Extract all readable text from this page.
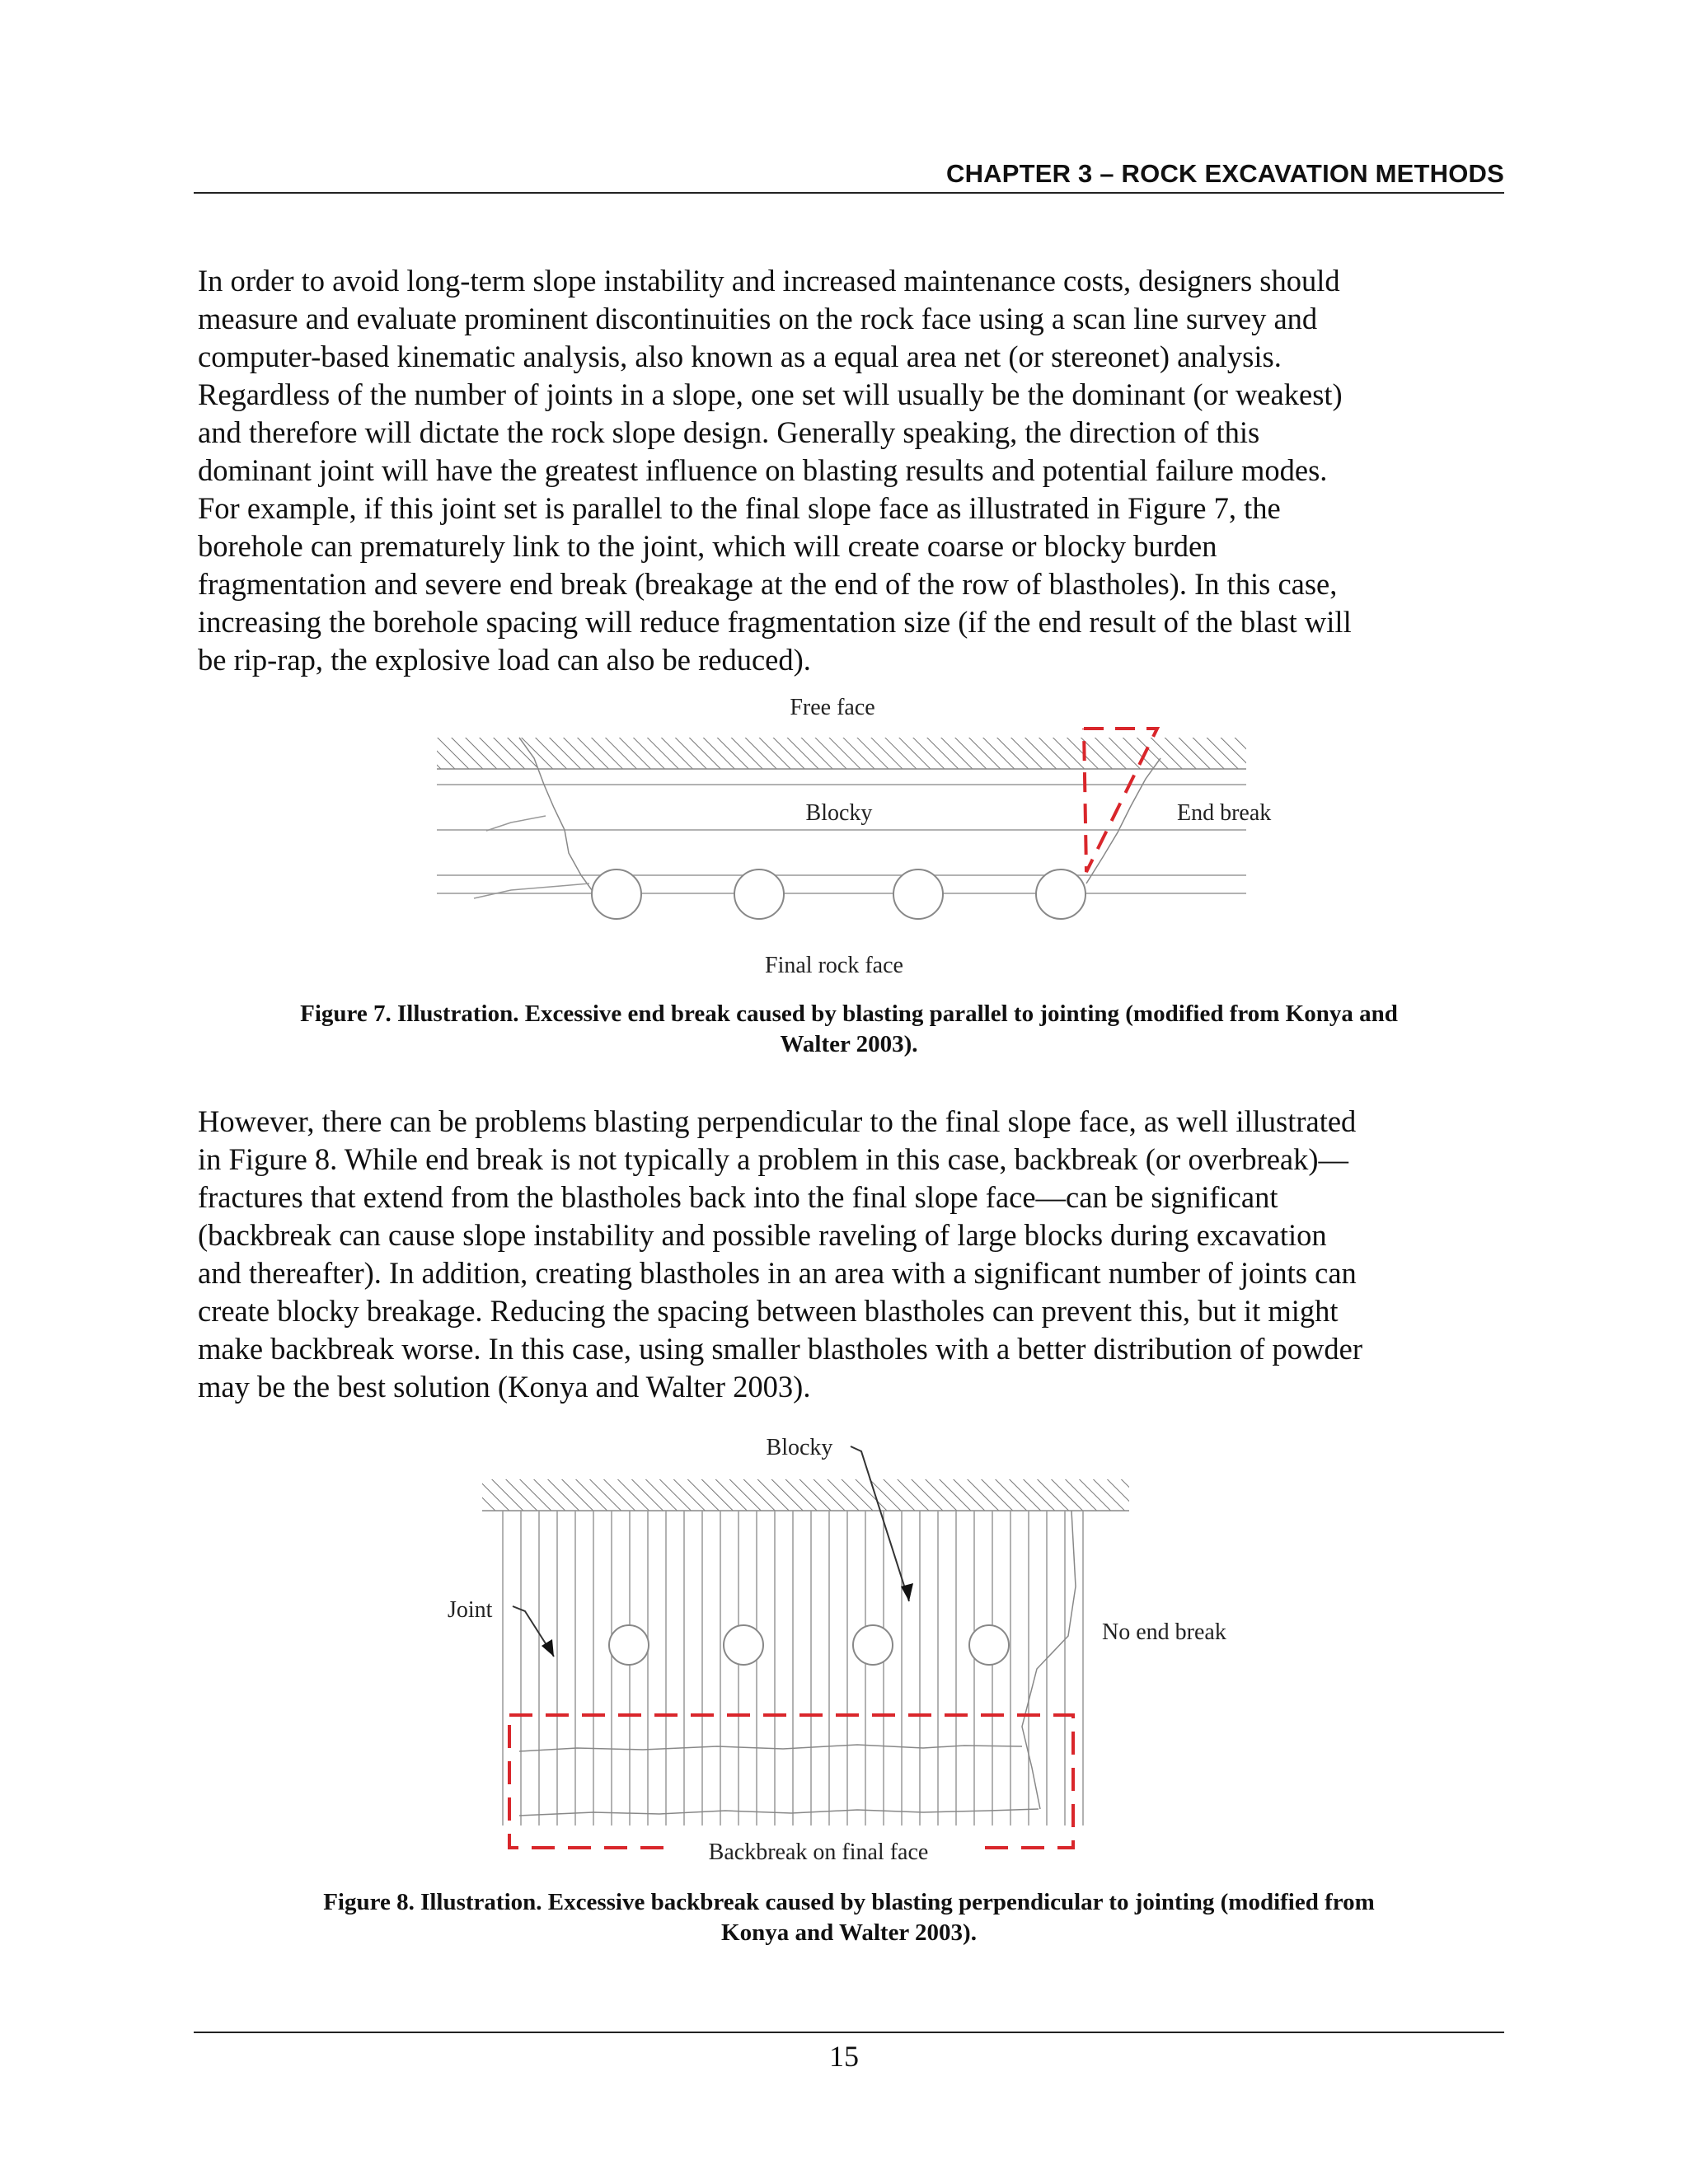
CHAPTER 3 – ROCK EXCAVATION METHODS
In order to avoid long-term slope instability and increased maintenance costs, designers should
measure and evaluate prominent discontinuities on the rock face using a scan line survey and
computer-based kinematic analysis, also known as a equal area net (or stereonet) analysis.
Regardless of the number of joints in a slope, one set will usually be the dominant (or weakest)
and therefore will dictate the rock slope design. Generally speaking, the direction of this
dominant joint will have the greatest influence on blasting results and potential failure modes.
For example, if this joint set is parallel to the final slope face as illustrated in Figure 7, the
borehole can prematurely link to the joint, which will create coarse or blocky burden
fragmentation and severe end break (breakage at the end of the row of blastholes). In this case,
increasing the borehole spacing will reduce fragmentation size (if the end result of the blast will
be rip-rap, the explosive load can also be reduced).
Free face
Blocky	End break
Final rock face
Figure 7. Illustration. Excessive end break caused by blasting parallel to jointing (modified from Konya and
Walter 2003).
However, there can be problems blasting perpendicular to the final slope face, as well illustrated
in Figure 8. While end break is not typically a problem in this case, backbreak (or overbreak)—
fractures that extend from the blastholes back into the final slope face—can be significant
(backbreak can cause slope instability and possible raveling of large blocks during excavation
and thereafter). In addition, creating blastholes in an area with a significant number of joints can
create blocky breakage. Reducing the spacing between blastholes can prevent this, but it might
make backbreak worse. In this case, using smaller blastholes with a better distribution of powder
may be the best solution (Konya and Walter 2003).
Blocky
Joint
No end break
Backbreak on final face
Figure 8. Illustration. Excessive backbreak caused by blasting perpendicular to jointing (modified from
Konya and Walter 2003).
15
